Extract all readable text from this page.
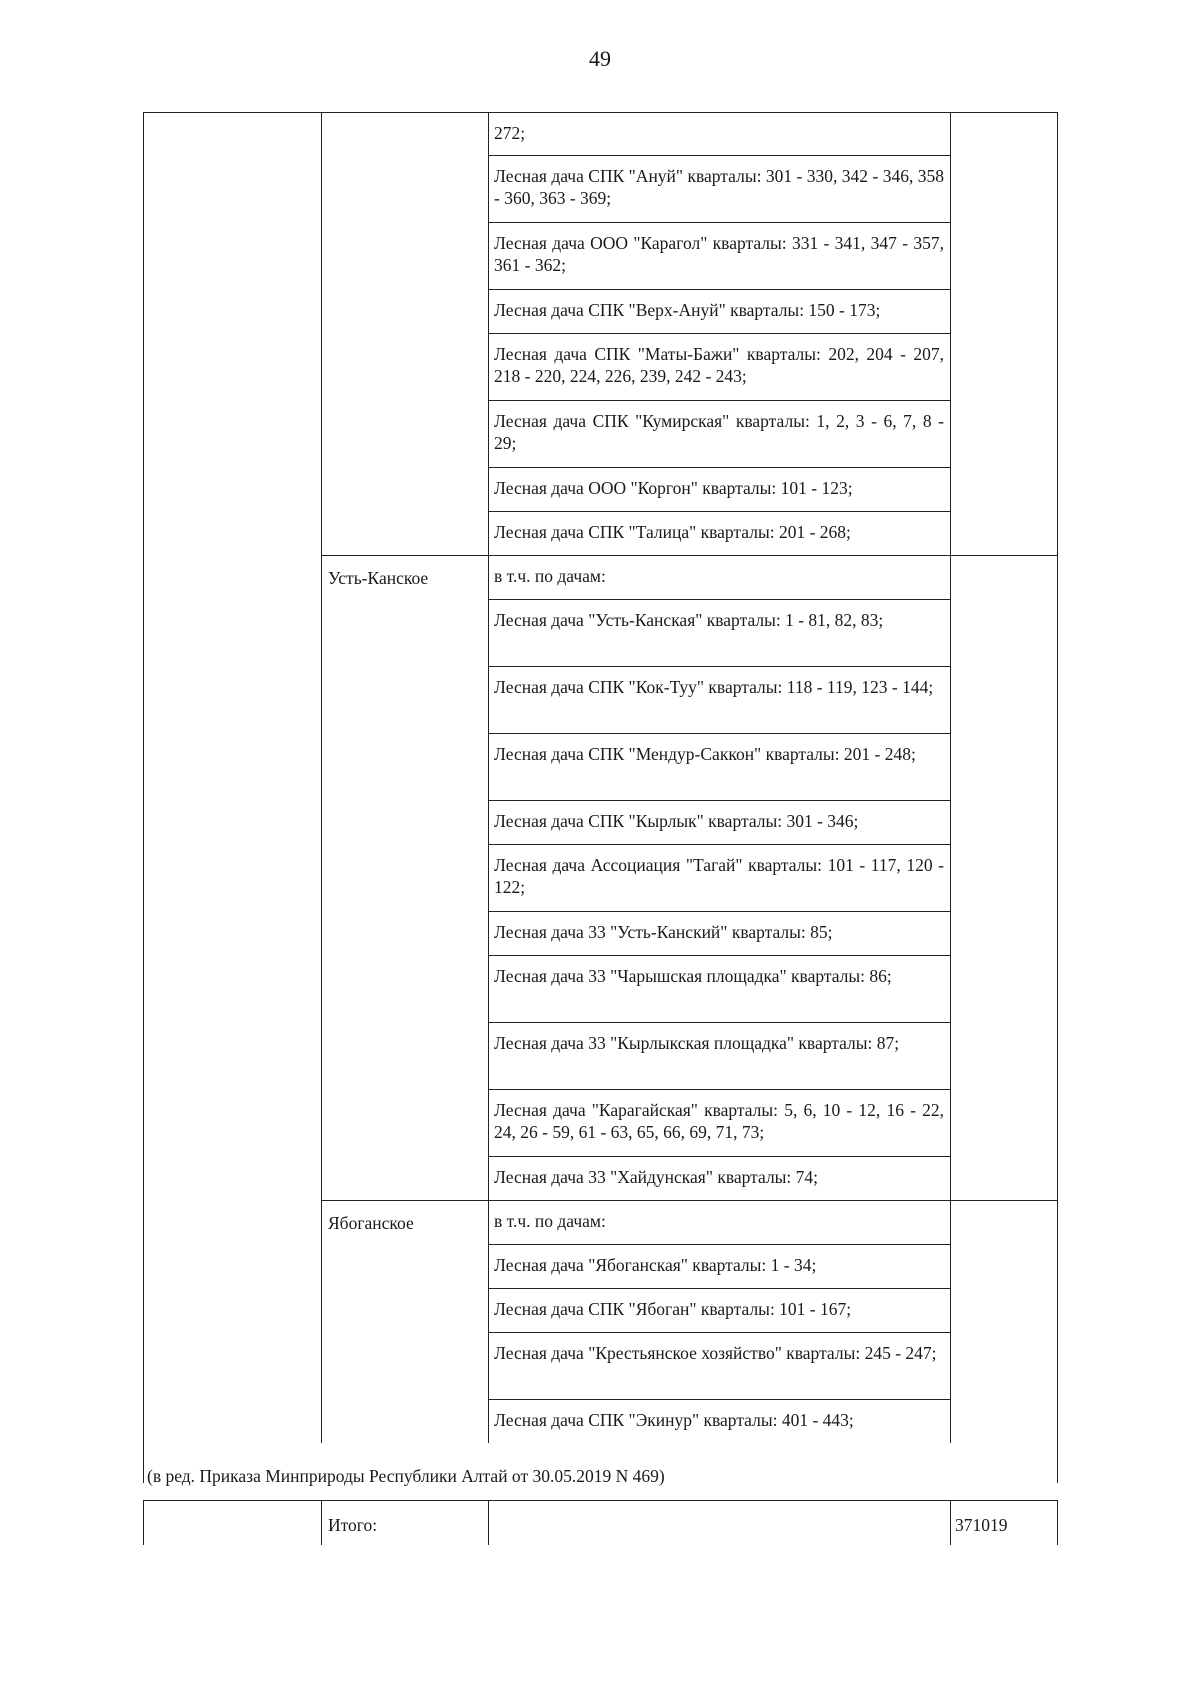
49
272;
Лесная дача СПК "Ануй" кварталы: 301 - 330, 342 - 346, 358 - 360, 363 - 369;
Лесная дача ООО "Карагол" кварталы: 331 - 341, 347 - 357, 361 - 362;
Лесная дача СПК "Верх-Ануй" кварталы: 150 - 173;
Лесная дача СПК "Маты-Бажи" кварталы: 202, 204 - 207, 218 - 220, 224, 226, 239, 242 - 243;
Лесная дача СПК "Кумирская" кварталы: 1, 2, 3 - 6, 7, 8 - 29;
Лесная дача ООО "Коргон" кварталы: 101 - 123;
Лесная дача СПК "Талица" кварталы: 201 - 268;
Усть-Канское	в т.ч. по дачам:
Лесная дача "Усть-Канская" кварталы: 1 - 81, 82, 83;
Лесная дача СПК "Кок-Туу" кварталы: 118 - 119, 123 - 144;
Лесная дача СПК "Мендур-Саккон" кварталы: 201 - 248;
Лесная дача СПК "Кырлык" кварталы: 301 - 346;
Лесная дача Ассоциация "Тагай" кварталы: 101 - 117, 120 - 122;
Лесная дача 33 "Усть-Канский" кварталы: 85;
Лесная дача 33 "Чарышская площадка" кварталы: 86;
Лесная дача 33 "Кырлыкская площадка" кварталы: 87;
Лесная дача "Карагайская" кварталы: 5, 6, 10 - 12, 16 - 22, 24, 26 - 59, 61 - 63, 65, 66, 69, 71, 73;
Лесная дача 33 "Хайдунская" кварталы: 74;
Ябоганское	в т.ч. по дачам:
Лесная дача "Ябоганская" кварталы: 1 - 34;
Лесная дача СПК "Ябоган" кварталы: 101 - 167;
Лесная дача "Крестьянское хозяйство" кварталы: 245 - 247;
Лесная дача СПК "Экинур" кварталы: 401 - 443;
Итого:	371019
(в ред. Приказа Минприроды Республики Алтай от 30.05.2019 N 469)
